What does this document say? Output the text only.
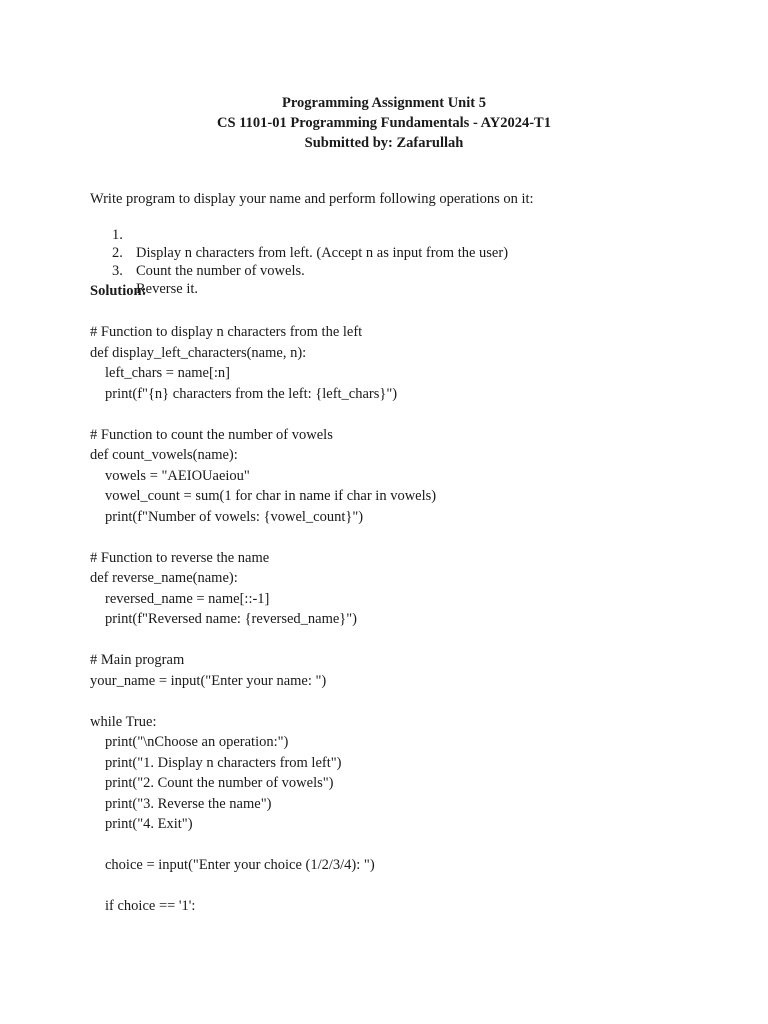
Programming Assignment Unit 5
CS 1101-01 Programming Fundamentals - AY2024-T1
Submitted by: Zafarullah
Write program to display your name and perform following operations on it:

1.

Display n characters from left. (Accept n as input from the user)

2.

Count the number of vowels.

3.

Reverse it.

Solution:
# Function to display n characters from the left
def display_left_characters(name, n):
left_chars = name[:n]
print(f"{n} characters from the left: {left_chars}")
# Function to count the number of vowels
def count_vowels(name):
vowels = "AEIOUaeiou"
vowel_count = sum(1 for char in name if char in vowels)
print(f"Number of vowels: {vowel_count}")
# Function to reverse the name
def reverse_name(name):
reversed_name = name[::-1]
print(f"Reversed name: {reversed_name}")
# Main program
your_name = input("Enter your name: ")
while True:
print("\nChoose an operation:")
print("1. Display n characters from left")
print("2. Count the number of vowels")
print("3. Reverse the name")
print("4. Exit")
choice = input("Enter your choice (1/2/3/4): ")
if choice == '1':
